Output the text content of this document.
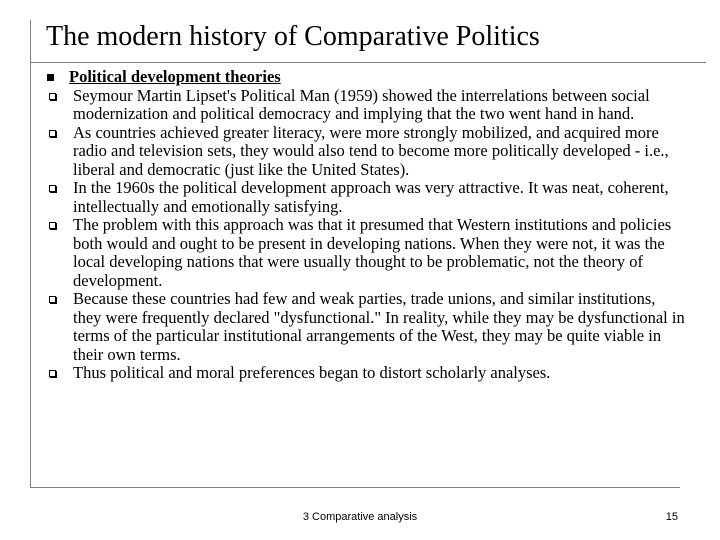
The modern history of Comparative Politics
Political development theories
Seymour Martin Lipset's Political Man (1959) showed the interrelations between social modernization and political democracy and implying that the two went hand in hand.
As countries achieved greater literacy, were more strongly mobilized, and acquired more radio and television sets, they would also tend to become more politically developed - i.e., liberal and democratic (just like the United States).
In the 1960s the political development approach was very attractive. It was neat, coherent, intellectually and emotionally satisfying.
The problem with this approach was that it presumed that Western institutions and policies both would and ought to be present in developing nations. When they were not, it was the local developing nations that were usually thought to be problematic, not the theory of development.
Because these countries had few and weak parties, trade unions, and similar institutions, they were frequently declared "dysfunctional." In reality, while they may be dysfunctional in terms of the particular institutional arrangements of the West, they may be quite viable in their own terms.
Thus political and moral preferences began to distort scholarly analyses.
3 Comparative analysis	15
